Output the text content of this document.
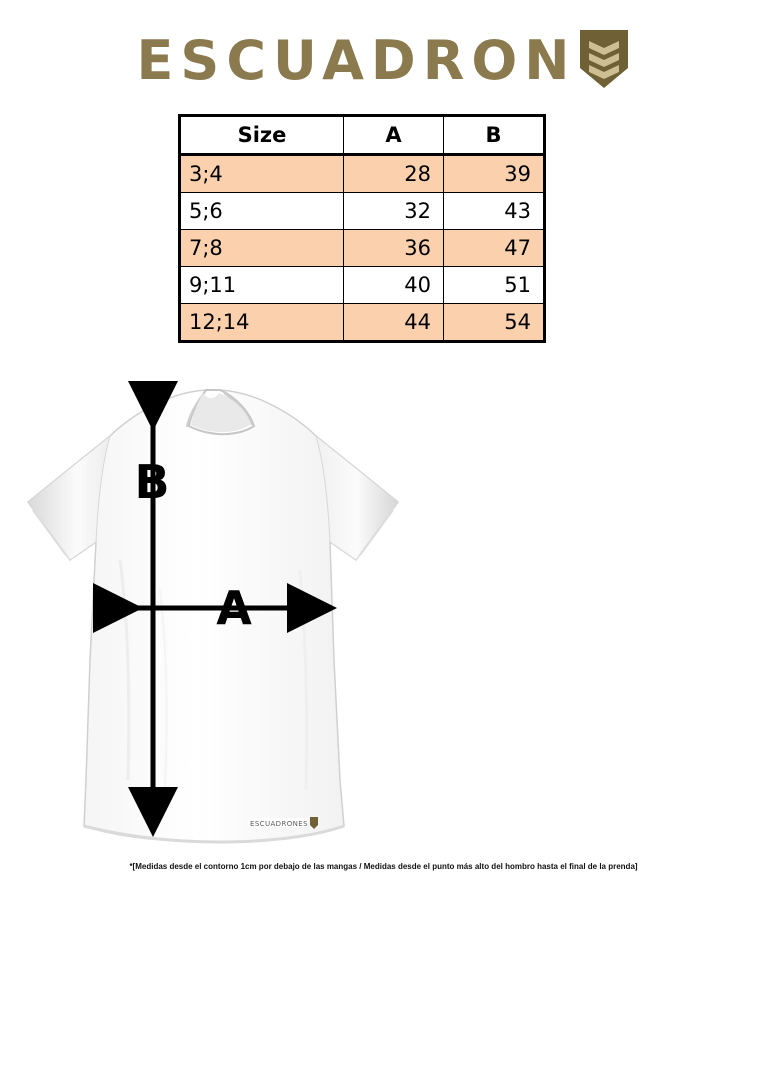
ESCUADRON
Size	A	B
3;4	28	39
5;6	32	43
7;8	36	47
9;11	40	51
12;14	44	54
ESCUADRONES
B
A
*[Medidas desde el contorno 1cm por debajo de las mangas / Medidas desde el punto más alto del hombro hasta el final de la prenda]
